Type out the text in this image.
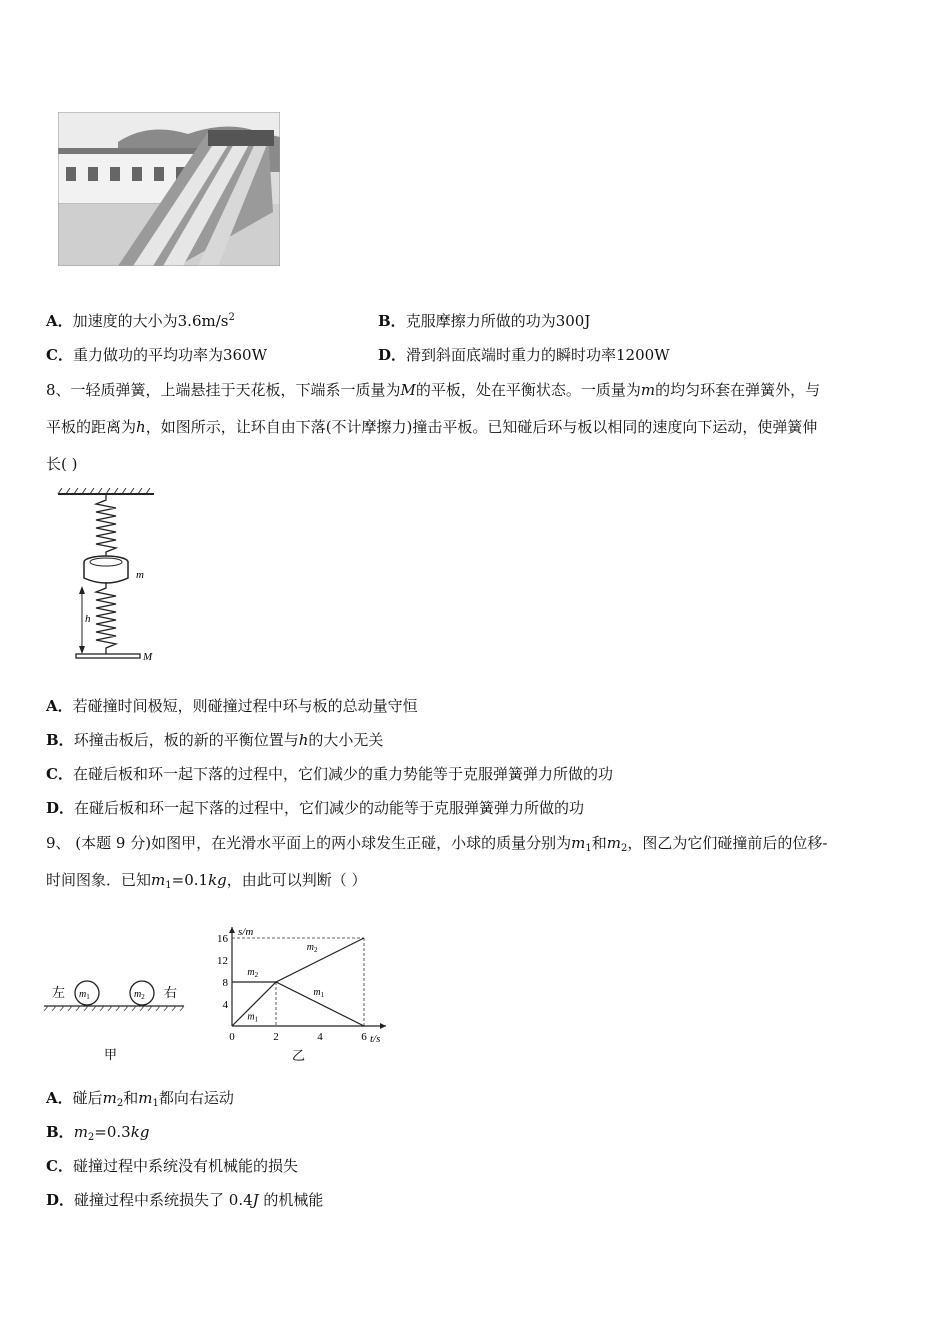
A．加速度的大小为$3.6m/s^2$	B．克服摩擦力所做的功为300J
C．重力做功的平均功率为360W	D．滑到斜面底端时重力的瞬时功率1200W
8、一轻质弹簧，上端悬挂于天花板，下端系一质量为M的平板，处在平衡状态。一质量为m的均匀环套在弹簧外，与
平板的距离为h，如图所示，让环自由下落(不计摩擦力)撞击平板。已知碰后环与板以相同的速度向下运动，使弹簧伸
长( )
m
h
M
A．若碰撞时间极短，则碰撞过程中环与板的总动量守恒
B．环撞击板后，板的新的平衡位置与h的大小无关
C．在碰后板和环一起下落的过程中，它们减少的重力势能等于克服弹簧弹力所做的功
D．在碰后板和环一起下落的过程中，它们减少的动能等于克服弹簧弹力所做的功
9、 (本题 9 分)如图甲，在光滑水平面上的两小球发生正碰，小球的质量分别为$m_1$和$m_2$，图乙为它们碰撞前后的位移-
时间图象．已知$m_1=0.1kg$，由此可以判断（ ）
左 $m_1$	$m_2$ 右
甲
s/m
t/s
4
8
12
16
0	2	4	6
$m_2$
$m_1$
$m_2$
$m_1$
乙
A．碰后$m_2$和$m_1$都向右运动
B．$m_2=0.3kg$
C．碰撞过程中系统没有机械能的损失
D．碰撞过程中系统损失了 0.4J 的机械能
